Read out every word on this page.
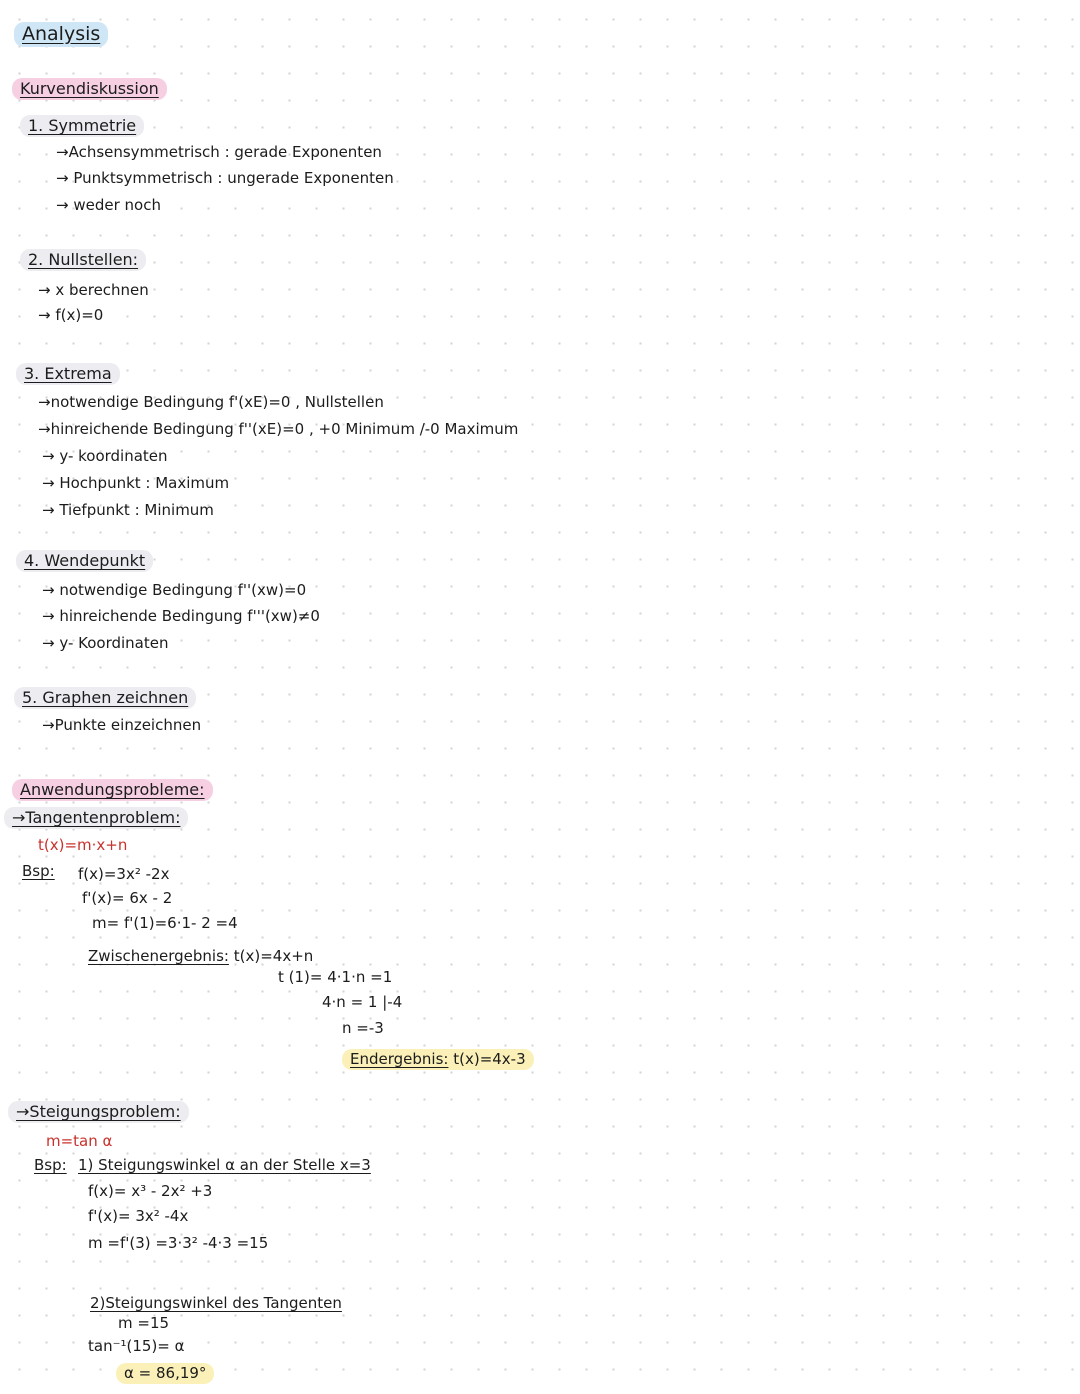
Analysis
Kurvendiskussion
1. Symmetrie
→Achsensymmetrisch : gerade Exponenten
→ Punktsymmetrisch : ungerade Exponenten
→ weder noch
2. Nullstellen:
→ x berechnen
→ f(x)=0
3. Extrema
→notwendige Bedingung f'(xE)=0 , Nullstellen
→hinreichende Bedingung f''(xE)=0 , +0 Minimum /-0 Maximum
→ y- koordinaten
→ Hochpunkt : Maximum
→ Tiefpunkt : Minimum
4. Wendepunkt
→ notwendige Bedingung f''(xw)=0
→ hinreichende Bedingung f'''(xw)≠0
→ y- Koordinaten
5. Graphen zeichnen
→Punkte einzeichnen
Anwendungsprobleme:
→Tangentenproblem:
t(x)=m·x+n
Bsp: f(x)=3x² -2x
f'(x)= 6x - 2
m= f'(1)=6·1- 2 =4
Zwischenergebnis: t(x)=4x+n
t (1)= 4·1·n =1
4·n = 1 |-4
n =-3
Endergebnis: t(x)=4x-3
→Steigungsproblem:
m=tan α
Bsp: 1) Steigungswinkel α an der Stelle x=3
f(x)= x³ - 2x² +3
f'(x)= 3x² -4x
m =f'(3) =3·3² -4·3 =15
2)Steigungswinkel des Tangenten
m =15
tan⁻¹(15)= α
α = 86,19°
